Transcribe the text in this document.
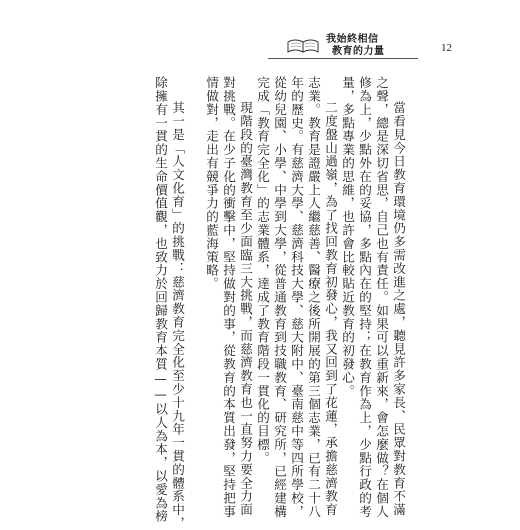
我始終相信
教育的力量	12
當看見今日教育環境仍多需改進之處，聽見許多家長、民眾對教育不滿
之聲，總是深切省思，自己也有責任。如果可以重新來，會怎麼做？在個人
修為上，少點外在的妥協，多點內在的堅持；在教育作為上，少點行政的考
量，多點專業的思維，也許會比較貼近教育的初發心。
二度盤山過嶺，為了找回教育初發心，我又回到了花蓮，承擔慈濟教育
志業。教育是證嚴上人繼慈善、醫療之後所開展的第三個志業，已有二十八
年的歷史。有慈濟大學、慈濟科技大學、慈大附中、臺南慈中等四所學校，
從幼兒園、小學、中學到大學，從普通教育到技職教育、研究所，已經建構
完成「教育完全化」的志業體系，達成了教育階段一貫化的目標。
現階段的臺灣教育至少面臨三大挑戰，而慈濟教育也一直努力要全力面
對挑戰。在少子化的衝擊中，堅持做對的事，從教育的本質出發，堅持把事
情做對，走出有競爭力的藍海策略。
其一是「人文化育」的挑戰：慈濟教育完全化至少十九年一貫的體系中，
除擁有一貫的生命價值觀，也致力於回歸教育本質——以人為本，以愛為榜
